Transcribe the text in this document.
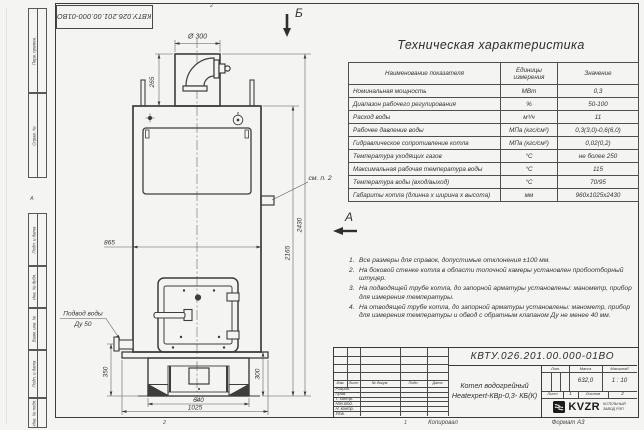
КВТУ.026.201.00.000-01ВО
Перв. примен.
Справ. №
Подп. и дата
Инв. № дубл.
Взам. инв. №
Подп. и дата
Инв. № подл.
2
А
2	1
Б
А
Ø 300
265
865
2165
2430
350	300
640
1025
см. п. 2
Подвод воды
Ду 50
Техническая характеристика
Наименование показателя	Единицы
измерения	Значение
Номинальная мощность	МВт	0,3
Диапазон рабочего регулирования	%	50-100
Расход воды	м³/ч	11
Рабочее давление воды	МПа (кгс/см²)	0,3(3,0)-0,6(6,0)
Гидравлическое сопротивление котла	МПа (кгс/см²)	0,02(0,2)
Температура уходящих газов	°С	не более 250
Максимальная рабочая температура воды	°С	115
Температура воды (вход/выход)	°С	70/95
Габариты котла (длинна х ширина х высота)	мм	960х1025х2430
1. Все размеры для справок, допустимые отклонения ±100 мм.
2. На боковой стенке котла в области топочной камеры установлен пробоотборный штуцер.
3. На подводящей трубе котла, до запорной арматуры установлены: манометр, прибор для измерения температуры.
4. На отводящей трубе котла, до запорной арматуры установлены: манометр, прибор для измерения температуры и обвод с обратным клапаном Ду не менее 40 мм.
Изм.	Лист	№ докум.	Подп.	Дата
Разраб.
Пров.
Т. контр.
Нач.отд.
Н. контр.
Утв.
КВТУ.026.201.00.000-01ВО
Котел водогрейный
Heatexpert-КВр-0,3- КБ(К)
Лит.	Масса	Масштаб
632,0	1 : 10
Лист	1	Листов	2
KVZR КОТЕЛЬНЫЙ
ЗАВОД РЭП
Копировал	Формат А3
